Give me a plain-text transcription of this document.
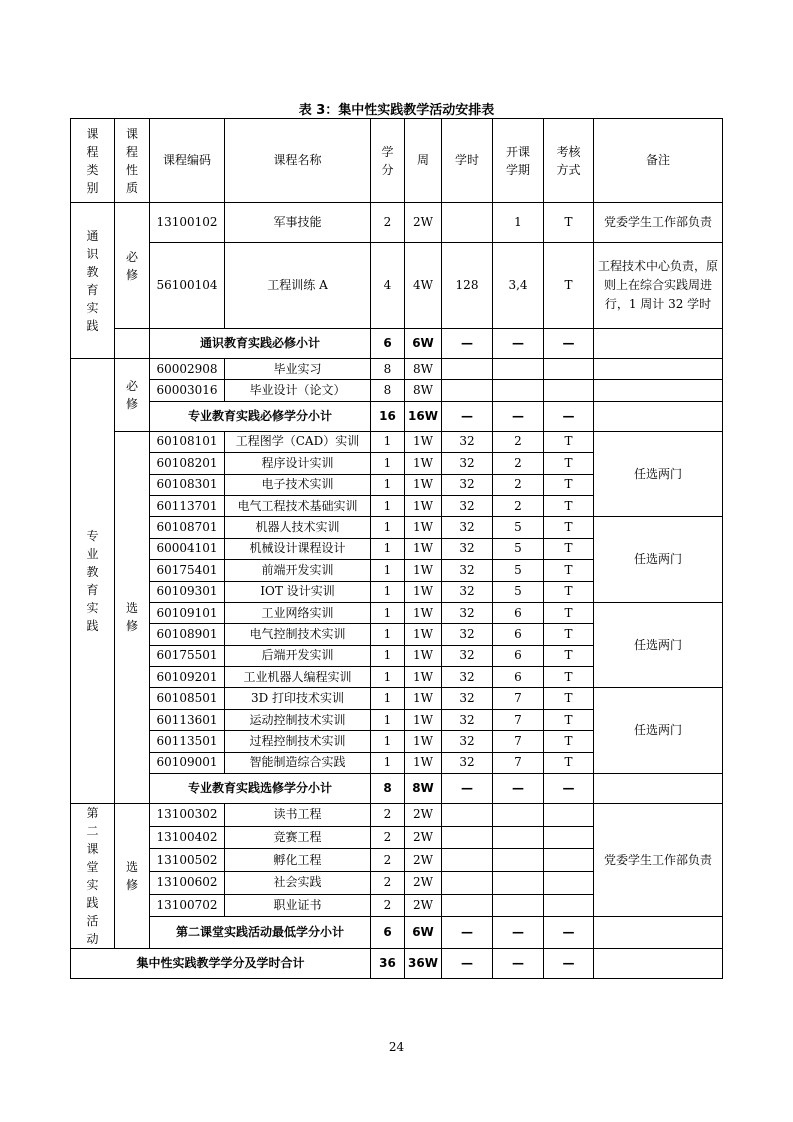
表 3：集中性实践教学活动安排表
课程类别	课程性质	课程编码	课程名称	学分	周	学时	开课学期	考核方式	备注
通识教育实践	必修	13100102	军事技能	2	2W		1	T	党委学生工作部负责
		56100104	工程训练 A	4	4W	128	3,4	T	工程技术中心负责，原则上在综合实践周进行，1 周计 32 学时
		通识教育实践必修小计		6	6W	—	—	—	
专业教育实践	必修	60002908	毕业实习	8	8W				
		60003016	毕业设计（论文）	8	8W				
		专业教育实践必修学分小计		16	16W	—	—	—	
	选修	60108101	工程图学（CAD）实训	1	1W	32	2	T	任选两门
		60108201	程序设计实训	1	1W	32	2	T	
		60108301	电子技术实训	1	1W	32	2	T	
		60113701	电气工程技术基础实训	1	1W	32	2	T	
		60108701	机器人技术实训	1	1W	32	5	T	任选两门
		60004101	机械设计课程设计	1	1W	32	5	T	
		60175401	前端开发实训	1	1W	32	5	T	
		60109301	IOT 设计实训	1	1W	32	5	T	
		60109101	工业网络实训	1	1W	32	6	T	任选两门
		60108901	电气控制技术实训	1	1W	32	6	T	
		60175501	后端开发实训	1	1W	32	6	T	
		60109201	工业机器人编程实训	1	1W	32	6	T	
		60108501	3D 打印技术实训	1	1W	32	7	T	任选两门
		60113601	运动控制技术实训	1	1W	32	7	T	
		60113501	过程控制技术实训	1	1W	32	7	T	
		60109001	智能制造综合实践	1	1W	32	7	T	
		专业教育实践选修学分小计		8	8W	—	—	—	
第二课堂实践活动	选修	13100302	读书工程	2	2W				党委学生工作部负责
		13100402	竞赛工程	2	2W				
		13100502	孵化工程	2	2W				
		13100602	社会实践	2	2W				
		13100702	职业证书	2	2W				
		第二课堂实践活动最低学分小计		6	6W	—	—	—	
集中性实践教学学分及学时合计				36	36W	—	—	—	
24
